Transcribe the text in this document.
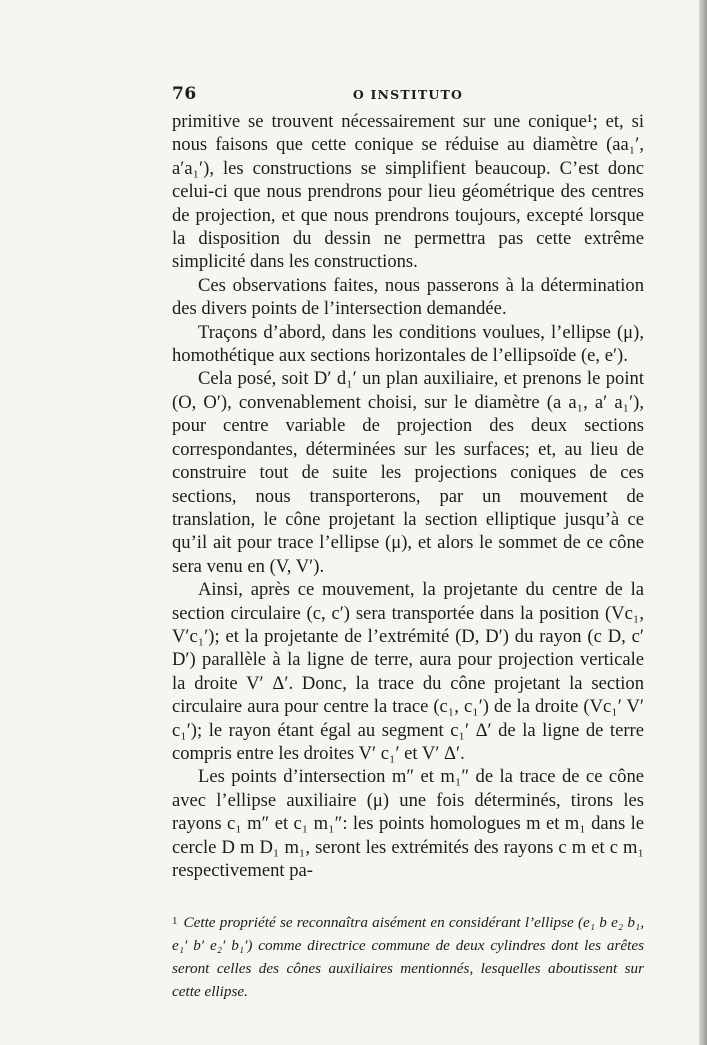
76	O INSTITUTO

primitive se trouvent nécessairement sur une conique¹; et, si nous faisons que cette conique se réduise au diamètre (aa₁′, a′a₁′), les constructions se simplifient beaucoup. C’est donc celui-ci que nous prendrons pour lieu géométrique des centres de projection, et que nous prendrons toujours, excepté lorsque la disposition du dessin ne permettra pas cette extrême simplicité dans les constructions.

Ces observations faites, nous passerons à la détermination des divers points de l’intersection demandée.

Traçons d’abord, dans les conditions voulues, l’ellipse (μ), homothétique aux sections horizontales de l’ellipsoïde (e, e′).

Cela posé, soit D′ d₁′ un plan auxiliaire, et prenons le point (O, O′), convenablement choisi, sur le diamètre (a a₁, a′ a₁′), pour centre variable de projection des deux sections correspondantes, déterminées sur les surfaces; et, au lieu de construire tout de suite les projections coniques de ces sections, nous transporterons, par un mouvement de translation, le cône projetant la section elliptique jusqu’à ce qu’il ait pour trace l’ellipse (μ), et alors le sommet de ce cône sera venu en (V, V′).

Ainsi, après ce mouvement, la projetante du centre de la section circulaire (c, c′) sera transportée dans la position (Vc₁, V′c₁′); et la projetante de l’extrémité (D, D′) du rayon (c D, c′ D′) parallèle à la ligne de terre, aura pour projection verticale la droite V′ Δ′. Donc, la trace du cône projetant la section circulaire aura pour centre la trace (c₁, c₁′) de la droite (Vc₁′ V′ c₁′); le rayon étant égal au segment c₁′ Δ′ de la ligne de terre compris entre les droites V′ c₁′ et V′ Δ′.

Les points d’intersection m″ et m₁″ de la trace de ce cône avec l’ellipse auxiliaire (μ) une fois déterminés, tirons les rayons c₁ m″ et c₁ m₁″: les points homologues m et m₁ dans le cercle D m D₁ m₁, seront les extrémités des rayons c m et c m₁ respectivement pa-

1 Cette propriété se reconnaîtra aisément en considérant l’ellipse (e₁ b e₂ b₁, e₁′ b′ e₂′ b₁′) comme directrice commune de deux cylindres dont les arêtes seront celles des cônes auxiliaires mentionnés, lesquelles aboutissent sur cette ellipse.
